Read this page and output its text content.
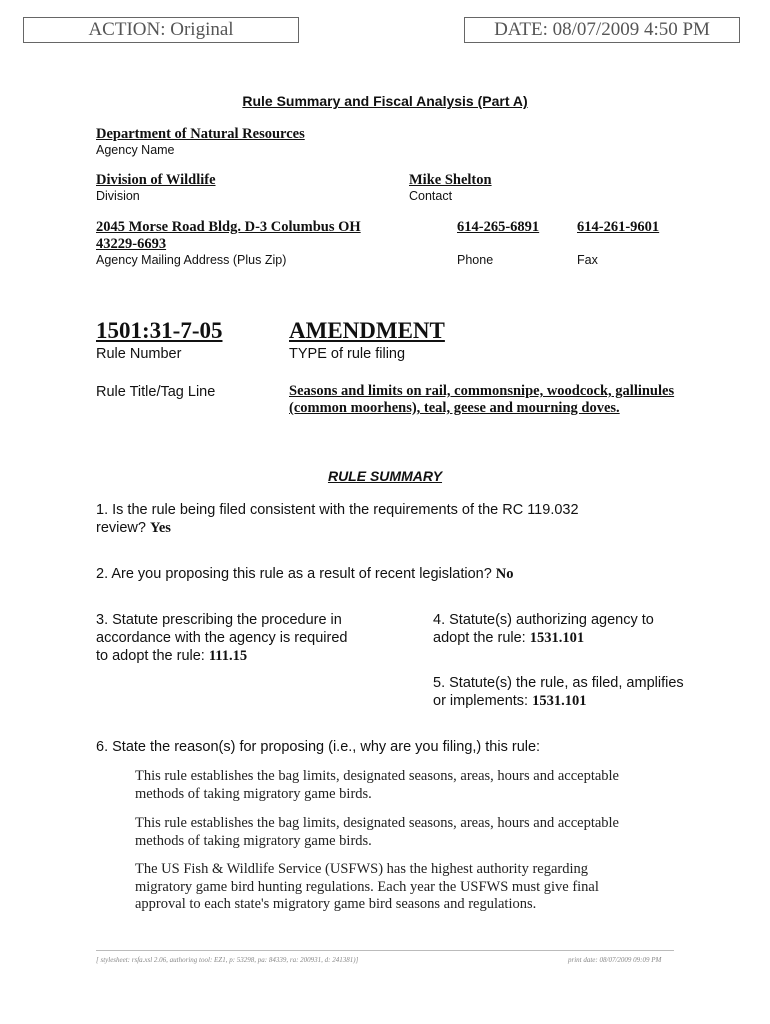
ACTION: Original	DATE: 08/07/2009 4:50 PM
Rule Summary and Fiscal Analysis (Part A)
Department of Natural Resources
Agency Name
Division of Wildlife
Division
Mike Shelton
Contact
2045 Morse Road Bldg. D-3 Columbus OH
43229-6693
Agency Mailing Address (Plus Zip)
614-265-6891
Phone
614-261-9601
Fax
1501:31-7-05
Rule Number
AMENDMENT
TYPE of rule filing
Rule Title/Tag Line	Seasons and limits on rail, commonsnipe, woodcock, gallinules
(common moorhens), teal, geese and mourning doves.
RULE SUMMARY
1. Is the rule being filed consistent with the requirements of the RC 119.032
review? Yes
2. Are you proposing this rule as a result of recent legislation? No
3. Statute prescribing the procedure in
accordance with the agency is required
to adopt the rule: 111.15
4. Statute(s) authorizing agency to
adopt the rule: 1531.101
5. Statute(s) the rule, as filed, amplifies
or implements: 1531.101
6. State the reason(s) for proposing (i.e., why are you filing,) this rule:
This rule establishes the bag limits, designated seasons, areas, hours and acceptable
methods of taking migratory game birds.
This rule establishes the bag limits, designated seasons, areas, hours and acceptable
methods of taking migratory game birds.
The US Fish & Wildlife Service (USFWS) has the highest authority regarding
migratory game bird hunting regulations. Each year the USFWS must give final
approval to each state's migratory game bird seasons and regulations.
[ stylesheet: rsfa.xsl 2.06, authoring tool: EZ1, p: 53298, pa: 84339, ra: 200931, d: 241381)]	print date: 08/07/2009 09:09 PM
